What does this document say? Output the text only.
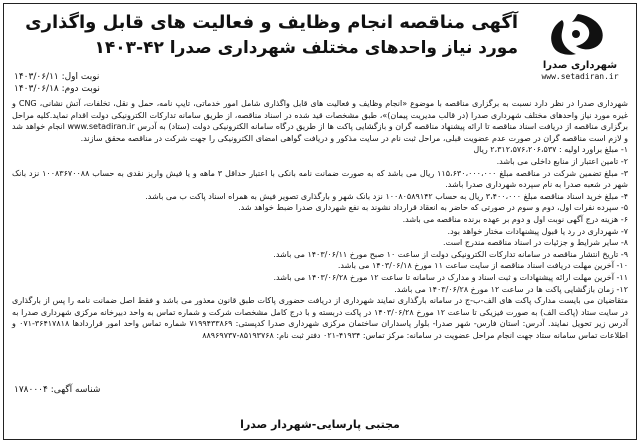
شهرداری صدرا
www.setadiran.ir
آگهی مناقصه انجام وظایف و فعالیت های قابل واگذاری
مورد نیاز واحدهای مختلف شهرداری صدرا ۴۲-۱۴۰۳
نوبت اول: ۱۴۰۳/۰۶/۱۱
نوبت دوم: ۱۴۰۳/۰۶/۱۸

شهرداری صدرا در نظر دارد نسبت به برگزاری مناقصه با موضوع «انجام وظایف و فعالیت های قابل واگذاری شامل امور خدماتی، تایپ نامه، حمل و نقل، تخلفات، آتش نشانی، CNG و غیره مورد نیاز واحدهای مختلف شهرداری صدرا (در قالب مدیریت پیمان)»، طبق مشخصات قید شده در اسناد مناقصه، از طریق سامانه تدارکات الکترونیکی دولت اقدام نماید.کلیه مراحل برگزاری مناقصه از دریافت اسناد مناقصه تا ارائه پیشنهاد مناقصه گران و بازگشایی پاکت ها از طریق درگاه سامانه الکترونیکی دولت (ستاد) به آدرس www.setadiran.ir انجام خواهد شد و لازم است مناقصه گران در صورت عدم عضویت قبلی، مراحل ثبت نام در سایت مذکور و دریافت گواهی امضای الکترونیکی را جهت شرکت در مناقصه محقق سازند.

۱- مبلغ براورد اولیه : ۲،۳۱۲،۵۷۶،۲۰۶،۵۳۷ ریال
۲- تامین اعتبار از منابع داخلی می باشد.
۳- مبلغ تضمین شرکت در مناقصه مبلغ ۱۱۵،۶۳۰،۰۰۰،۰۰۰ ریال می باشد که به صورت ضمانت نامه بانکی با اعتبار حداقل ۳ ماهه و یا فیش واریز نقدی به حساب ۱۰۰۸۳۶۷۰۰۸۸ نزد بانک شهر در شعبه صدرا به نام سپرده شهرداری صدرا باشد.
۴- مبلغ خرید اسناد مناقصه مبلغ ۳،۴۰۰،۰۰۰ ریال به حساب ۱۰۰۸۰۵۸۹۱۴۲ نزد بانک شهر و بارگذاری تصویر فیش به همراه اسناد پاکت ب می باشد.
۵- سپرده نفرات اول، دوم و سوم در صورتی که حاضر به انعقاد قرارداد نشوند به نفع شهرداری صدرا ضبط خواهد شد.
۶- هزینه درج آگهی نوبت اول و دوم بر عهده برنده مناقصه می باشد.
۷- شهرداری در رد یا قبول پیشنهادات مختار خواهد بود.
۸- سایر شرایط و جزئیات در اسناد مناقصه مندرج است.
۹- تاریخ انتشار مناقصه در سامانه تدارکات الکترونیکی دولت از ساعت ۱۰ صبح مورخ ۱۴۰۳/۰۶/۱۱ می باشد.
۱۰- آخرین مهلت دریافت اسناد مناقصه از سایت ساعت ۱۱ مورخ ۱۴۰۳/۰۶/۱۸ می باشد.
۱۱- آخرین مهلت ارائه پیشنهادات و ثبت اسناد و مدارک در سامانه تا ساعت ۱۲ مورخ ۱۴۰۳/۰۶/۲۸ می باشد.
۱۲- زمان بازگشایی پاکت ها در ساعت ۱۲ مورخ ۱۴۰۳/۰۶/۲۸ می باشد.

متقاضیان می بایست مدارک پاکت های الف-ب-ج در سامانه بارگذاری نمایند شهرداری از دریافت حضوری پاکات طبق قانون معذور می باشد و فقط اصل ضمانت نامه را پس از بارگذاری در سایت ستاد (پاکت الف) به صورت فیزیکی تا ساعت ۱۲ مورخ ۱۴۰۳/۰۶/۲۸ در پاکت دربسته و با درج کامل مشخصات شرکت و شماره تماس به واحد دبیرخانه مرکزی شهرداری صدرا به آدرس زیر تحویل نمایند. آدرس: استان فارس- شهر صدرا- بلوار پاسداران ساختمان مرکزی شهرداری صدرا کدپستی: ۷۱۹۹۴۳۳۸۶۹ شماره تماس واحد امور قراردادها ۳۶۴۱۷۸۱۸-۰۷۱ و اطلاعات تماس سامانه ستاد جهت انجام مراحل عضویت در سامانه: مرکز تماس: ۴۱۹۳۴-۰۲۱ دفتر ثبت نام: ۸۵۱۹۳۷۶۸-۸۸۹۶۹۷۳۷

شناسه آگهی: ۱۷۸۰۰۰۴
مجتبی پارسایی-شهردار صدرا
